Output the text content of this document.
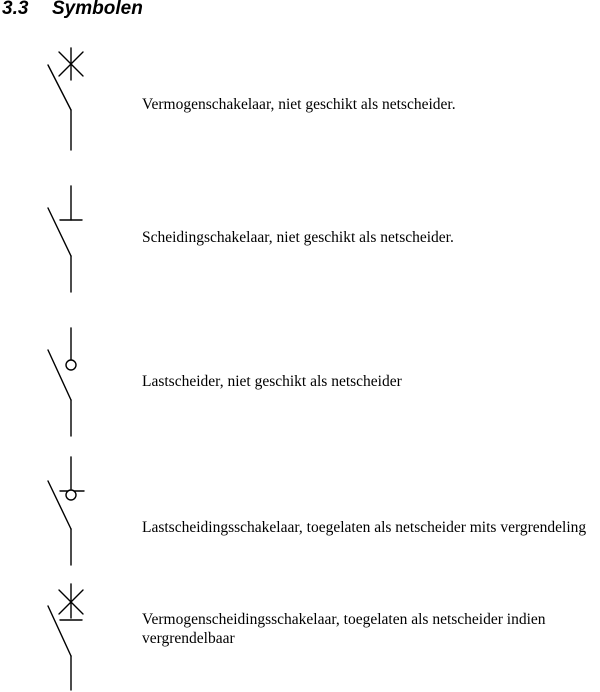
3.3 Symbolen
Vermogenschakelaar, niet geschikt als netscheider.
Scheidingschakelaar, niet geschikt als netscheider.
Lastscheider, niet geschikt als netscheider
Lastscheidingsschakelaar, toegelaten als netscheider mits vergrendeling
Vermogenscheidingsschakelaar, toegelaten als netscheider indien vergrendelbaar
